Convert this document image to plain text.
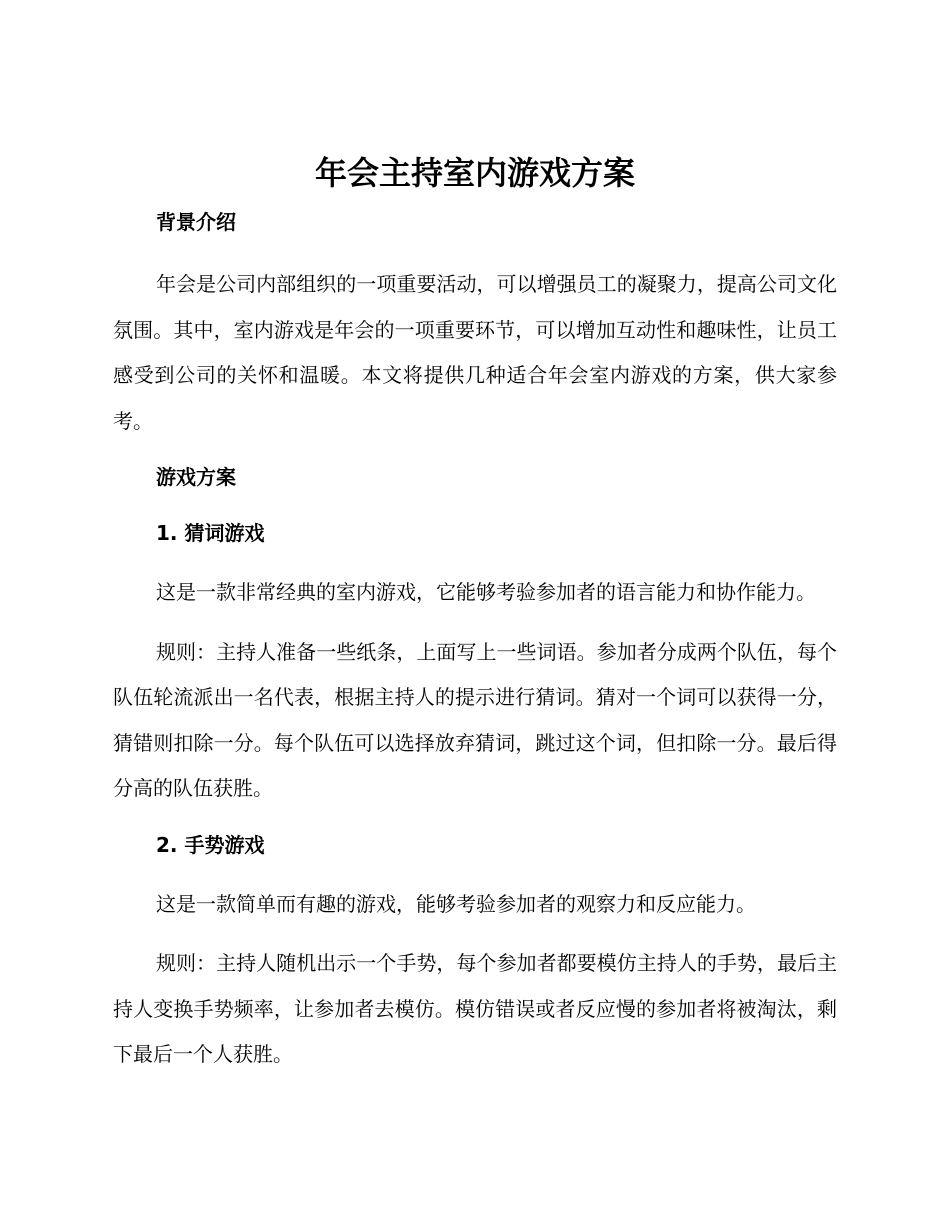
年会主持室内游戏方案

背景介绍

年会是公司内部组织的一项重要活动，可以增强员工的凝聚力，提高公司文化氛围。其中，室内游戏是年会的一项重要环节，可以增加互动性和趣味性，让员工感受到公司的关怀和温暖。本文将提供几种适合年会室内游戏的方案，供大家参考。

游戏方案

1. 猜词游戏

这是一款非常经典的室内游戏，它能够考验参加者的语言能力和协作能力。

规则：主持人准备一些纸条，上面写上一些词语。参加者分成两个队伍，每个队伍轮流派出一名代表，根据主持人的提示进行猜词。猜对一个词可以获得一分，猜错则扣除一分。每个队伍可以选择放弃猜词，跳过这个词，但扣除一分。最后得分高的队伍获胜。

2. 手势游戏

这是一款简单而有趣的游戏，能够考验参加者的观察力和反应能力。

规则：主持人随机出示一个手势，每个参加者都要模仿主持人的手势，最后主持人变换手势频率，让参加者去模仿。模仿错误或者反应慢的参加者将被淘汰，剩下最后一个人获胜。
